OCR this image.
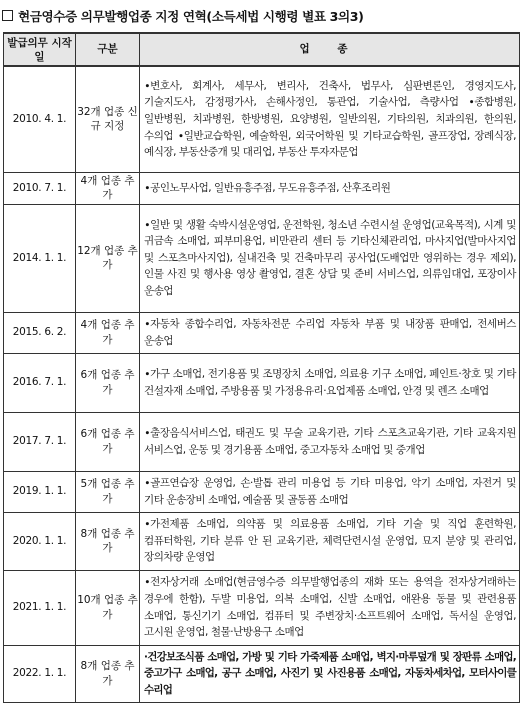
현금영수증 의무발행업종 지정 연혁(소득세법 시행령 별표 3의3)
발급의무 시작일	구분	업 종
2010. 4. 1.	32개 업종 신규 지정	∙변호사, 회계사, 세무사, 변리사, 건축사, 법무사, 심판변론인, 경영지도사, 기술지도사, 감정평가사, 손해사정인, 통관업, 기술사업, 측량사업 ∙종합병원, 일반병원, 치과병원, 한방병원, 요양병원, 일반의원, 기타의원, 치과의원, 한의원, 수의업 ∙일반교습학원, 예술학원, 외국어학원 및 기타교습학원, 골프장업, 장례식장, 예식장, 부동산중개 및 대리업, 부동산 투자자문업
2010. 7. 1.	4개 업종 추가	∙공인노무사업, 일반유흥주점, 무도유흥주점, 산후조리원
2014. 1. 1.	12개 업종 추가	∙일반 및 생활 숙박시설운영업, 운전학원, 청소년 수련시설 운영업(교육목적), 시계 및 귀금속 소매업, 피부미용업, 비만관리 센터 등 기타신체관리업, 마사지업(발마사지업 및 스포츠마사지업), 실내건축 및 건축마무리 공사업(도배업만 영위하는 경우 제외), 인물 사진 및 행사용 영상 촬영업, 결혼 상담 및 준비 서비스업, 의류임대업, 포장이사 운송업
2015. 6. 2.	4개 업종 추가	∙자동차 종합수리업, 자동차전문 수리업 자동차 부품 및 내장품 판매업, 전세버스 운송업
2016. 7. 1.	6개 업종 추가	∙가구 소매업, 전기용품 및 조명장치 소매업, 의료용 기구 소매업, 페인트·창호 및 기타 건설자재 소매업, 주방용품 및 가정용유리·요업제품 소매업, 안경 및 렌즈 소매업
2017. 7. 1.	6개 업종 추가	∙출장음식서비스업, 태권도 및 무술 교육기관, 기타 스포츠교육기관, 기타 교육지원 서비스업, 운동 및 경기용품 소매업, 중고자동차 소매업 및 중개업
2019. 1. 1.	5개 업종 추가	∙골프연습장 운영업, 손·발톱 관리 미용업 등 기타 미용업, 악기 소매업, 자전거 및 기타 운송장비 소매업, 예술품 및 골동품 소매업
2020. 1. 1.	8개 업종 추가	∙가전제품 소매업, 의약품 및 의료용품 소매업, 기타 기술 및 직업 훈련학원, 컴퓨터학원, 기타 분류 안 된 교육기관, 체력단련시설 운영업, 묘지 분양 및 관리업, 장의차량 운영업
2021. 1. 1.	10개 업종 추가	∙전자상거래 소매업(현금영수증 의무발행업종의 재화 또는 용역을 전자상거래하는 경우에 한함), 두발 미용업, 의복 소매업, 신발 소매업, 애완용 동물 및 관련용품 소매업, 통신기기 소매업, 컴퓨터 및 주변장치·소프트웨어 소매업, 독서실 운영업, 고시원 운영업, 철물·난방용구 소매업
2022. 1. 1.	8개 업종 추가	∙건강보조식품 소매업, 가방 및 기타 가죽제품 소매업, 벽지·마루덮개 및 장판류 소매업, 중고가구 소매업, 공구 소매업, 사진기 및 사진용품 소매업, 자동차세차업, 모터사이클 수리업
